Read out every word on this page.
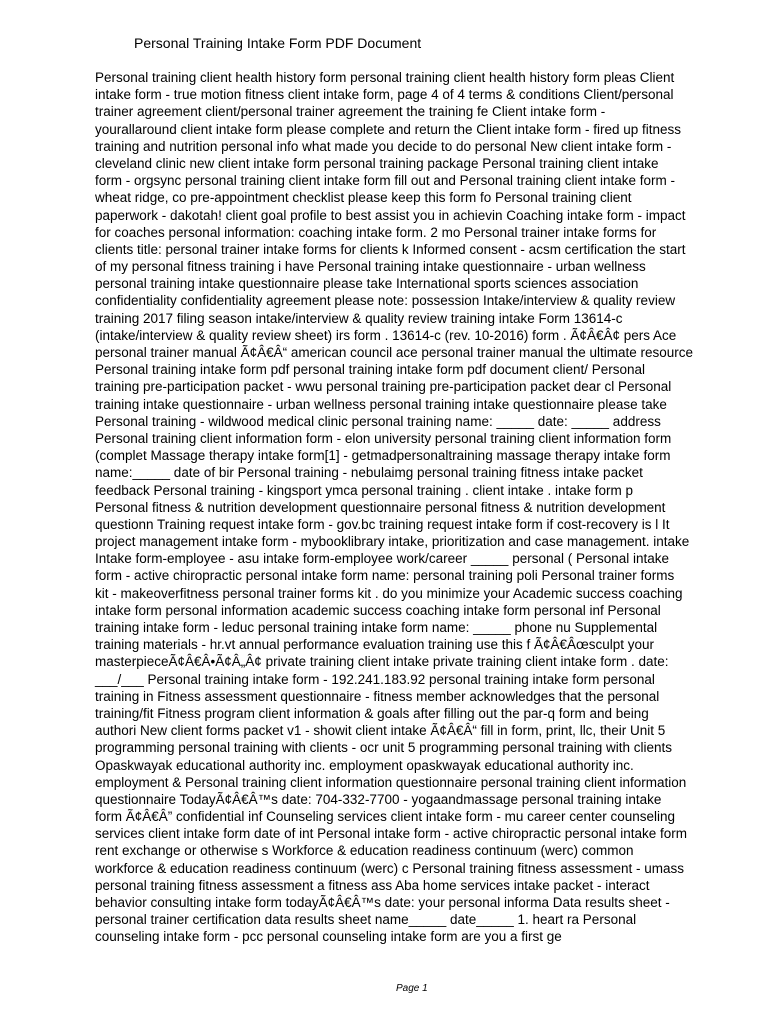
Personal Training Intake Form PDF Document
Personal training client health history form personal training client health history form pleas Client
intake form - true motion fitness client intake form, page 4 of 4 terms & conditions Client/personal
trainer agreement client/personal trainer agreement the training fe Client intake form -
yourallaround client intake form please complete and return the Client intake form - fired up fitness
training and nutrition personal info what made you decide to do personal New client intake form -
cleveland clinic new client intake form personal training package Personal training client intake
form - orgsync personal training client intake form fill out and Personal training client intake form -
wheat ridge, co pre-appointment checklist please keep this form fo Personal training client
paperwork - dakotah! client goal profile to best assist you in achievin Coaching intake form - impact
for coaches personal information: coaching intake form. 2 mo Personal trainer intake forms for
clients title: personal trainer intake forms for clients k Informed consent - acsm certification the start
of my personal fitness training i have Personal training intake questionnaire - urban wellness
personal training intake questionnaire please take International sports sciences association
confidentiality confidentiality agreement please note: possession Intake/interview & quality review
training 2017 filing season intake/interview & quality review training intake Form 13614-c
(intake/interview & quality review sheet) irs form . 13614-c (rev. 10-2016) form . Ã¢Â€Â¢ pers Ace
personal trainer manual Ã¢Â€Â“ american council ace personal trainer manual the ultimate resource
Personal training intake form pdf personal training intake form pdf document client/ Personal
training pre-participation packet - wwu personal training pre-participation packet dear cl Personal
training intake questionnaire - urban wellness personal training intake questionnaire please take
Personal training - wildwood medical clinic personal training name: _____ date: _____ address
Personal training client information form - elon university personal training client information form
(complet Massage therapy intake form[1] - getmadpersonaltraining massage therapy intake form
name:_____ date of bir Personal training - nebulaimg personal training fitness intake packet
feedback Personal training - kingsport ymca personal training . client intake . intake form p
Personal fitness & nutrition development questionnaire personal fitness & nutrition development
questionn Training request intake form - gov.bc training request intake form if cost-recovery is l It
project management intake form - mybooklibrary intake, prioritization and case management. intake
Intake form-employee - asu intake form-employee work/career _____ personal ( Personal intake
form - active chiropractic personal intake form name: personal training poli Personal trainer forms
kit - makeoverfitness personal trainer forms kit . do you minimize your Academic success coaching
intake form personal information academic success coaching intake form personal inf Personal
training intake form - leduc personal training intake form name: _____ phone nu Supplemental
training materials - hr.vt annual performance evaluation training use this f Ã¢Â€Âœsculpt your
masterpieceÃ¢Â€Â•Ã¢Â„Â¢ private training client intake private training client intake form . date:
___/___ Personal training intake form - 192.241.183.92 personal training intake form personal
training in Fitness assessment questionnaire - fitness member acknowledges that the personal
training/fit Fitness program client information & goals after filling out the par-q form and being
authori New client forms packet v1 - showit client intake Ã¢Â€Â“ fill in form, print, llc, their Unit 5
programming personal training with clients - ocr unit 5 programming personal training with clients
Opaskwayak educational authority inc. employment opaskwayak educational authority inc.
employment & Personal training client information questionnaire personal training client information
questionnaire TodayÃ¢Â€Â™s date: 704-332-7700 - yogaandmassage personal training intake
form Ã¢Â€Â” confidential inf Counseling services client intake form - mu career center counseling
services client intake form date of int Personal intake form - active chiropractic personal intake form
rent exchange or otherwise s Workforce & education readiness continuum (werc) common
workforce & education readiness continuum (werc) c Personal training fitness assessment - umass
personal training fitness assessment a fitness ass Aba home services intake packet - interact
behavior consulting intake form todayÃ¢Â€Â™s date: your personal informa Data results sheet -
personal trainer certification data results sheet name_____ date_____ 1. heart ra Personal
counseling intake form - pcc personal counseling intake form are you a first ge
Page 1
